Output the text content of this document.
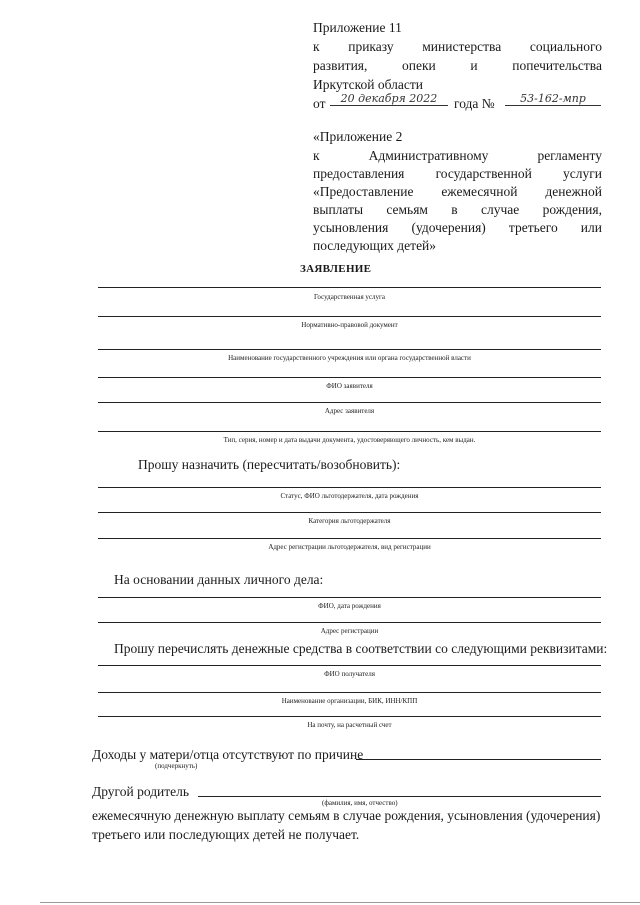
Приложение 11
к приказу министерства социального
развития, опеки и попечительства
Иркутской области
от	20 декабря 2022	года №	53-162-мпр
«Приложение 2
к Административному регламенту
предоставления государственной услуги
«Предоставление ежемесячной денежной
выплаты семьям в случае рождения,
усыновления (удочерения) третьего или
последующих детей»
ЗАЯВЛЕНИЕ
Государственная услуга
Нормативно-правовой документ
Наименование государственного учреждения или органа государственной власти
ФИО заявителя
Адрес заявителя
Тип, серия, номер и дата выдачи документа, удостоверяющего личность, кем выдан.
Прошу назначить (пересчитать/возобновить):
Статус, ФИО льготодержателя, дата рождения
Категория льготодержателя
Адрес регистрации льготодержателя, вид регистрации
На основании данных личного дела:
ФИО, дата рождения
Адрес регистрации
Прошу перечислять денежные средства в соответствии со следующими реквизитами:
ФИО получателя
Наименование организации, БИК, ИНН/КПП
На почту, на расчетный счет
Доходы у матери/отца отсутствуют по причине
(подчеркнуть)
Другой родитель
(фамилия, имя, отчество)
ежемесячную денежную выплату семьям в случае рождения, усыновления (удочерения)
третьего или последующих детей не получает.
